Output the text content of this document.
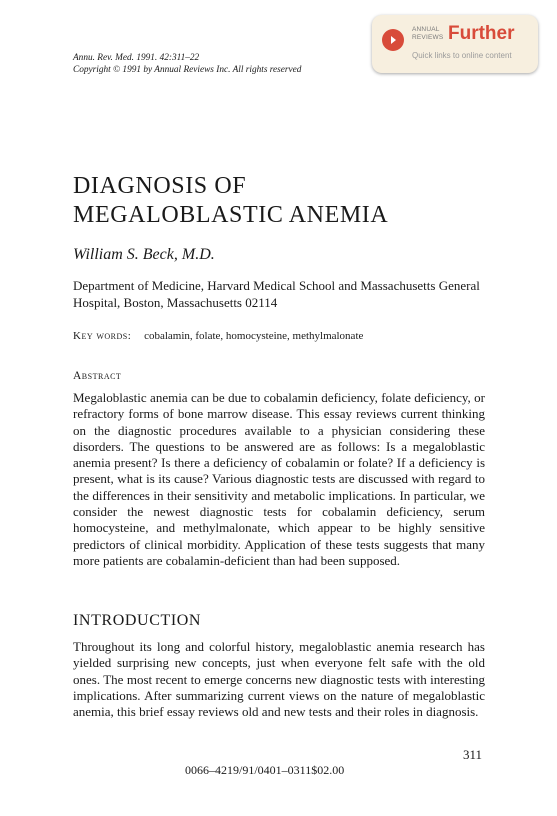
Annu. Rev. Med. 1991. 42:311–22
Copyright © 1991 by Annual Reviews Inc. All rights reserved
ANNUAL
REVIEWS Further
Quick links to online content
DIAGNOSIS OF
MEGALOBLASTIC ANEMIA
William S. Beck, M.D.
Department of Medicine, Harvard Medical School and Massachusetts General Hospital, Boston, Massachusetts 02114
Key words: cobalamin, folate, homocysteine, methylmalonate
Abstract

Megaloblastic anemia can be due to cobalamin deficiency, folate deficiency, or refractory forms of bone marrow disease. This essay reviews current thinking on the diagnostic procedures available to a physician considering these disorders. The questions to be answered are as follows: Is a megaloblastic anemia present? Is there a deficiency of cobalamin or folate? If a deficiency is present, what is its cause? Various diagnostic tests are discussed with regard to the differences in their sensitivity and metabolic implications. In particular, we consider the newest diagnostic tests for cobalamin deficiency, serum homocysteine, and methylmalonate, which appear to be highly sensitive predictors of clinical morbidity. Application of these tests suggests that many more patients are cobalamin-deficient than had been supposed.

INTRODUCTION

Throughout its long and colorful history, megaloblastic anemia research has yielded surprising new concepts, just when everyone felt safe with the old ones. The most recent to emerge concerns new diagnostic tests with interesting implications. After summarizing current views on the nature of megaloblastic anemia, this brief essay reviews old and new tests and their roles in diagnosis.

311
0066–4219/91/0401–0311$02.00
